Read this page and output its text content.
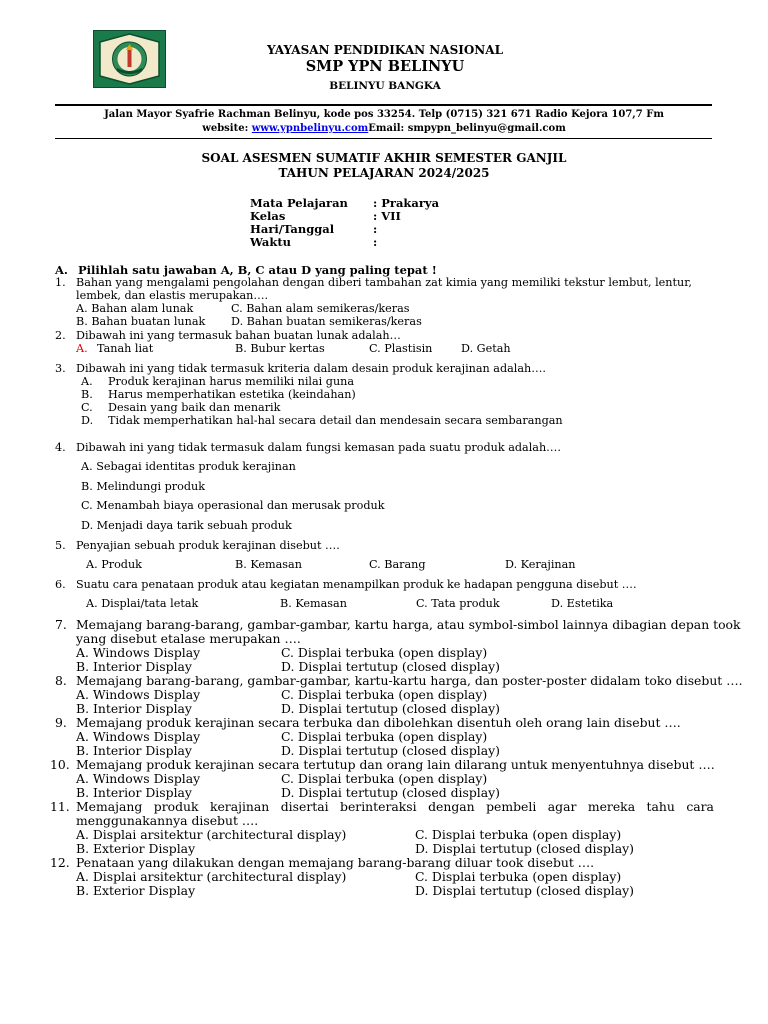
YAYASAN PENDIDIKAN NASIONAL
SMP YPN BELINYU
BELINYU BANGKA
Jalan Mayor Syafrie Rachman Belinyu, kode pos 33254. Telp (0715) 321 671 Radio Kejora 107,7 Fm
website: www.ypnbelinyu.comEmail: smpypn_belinyu@gmail.com
SOAL ASESMEN SUMATIF AKHIR SEMESTER GANJIL
TAHUN PELAJARAN 2024/2025
Mata Pelajaran : Prakarya
Kelas	: VII
Hari/Tanggal	:
Waktu	:
A. Pilihlah satu jawaban A, B, C atau D yang paling tepat !
1. Bahan yang mengalami pengolahan dengan diberi tambahan zat kimia yang memiliki tekstur lembut, lentur,
lembek, dan elastis merupakan….
A. Bahan alam lunak	C. Bahan alam semikeras/keras
B. Bahan buatan lunak D. Bahan buatan semikeras/keras
2. Dibawah ini yang termasuk bahan buatan lunak adalah…
A. Tanah liat	B. Bubur kertas	C. Plastisin	D. Getah
3. Dibawah ini yang tidak termasuk kriteria dalam desain produk kerajinan adalah….
A. Produk kerajinan harus memiliki nilai guna
B. Harus memperhatikan estetika (keindahan)
C. Desain yang baik dan menarik
D. Tidak memperhatikan hal-hal secara detail dan mendesain secara sembarangan
4. Dibawah ini yang tidak termasuk dalam fungsi kemasan pada suatu produk adalah….
A. Sebagai identitas produk kerajinan
B. Melindungi produk
C. Menambah biaya operasional dan merusak produk
D. Menjadi daya tarik sebuah produk
5. Penyajian sebuah produk kerajinan disebut ….
A. Produk	B. Kemasan	C. Barang	D. Kerajinan
6. Suatu cara penataan produk atau kegiatan menampilkan produk ke hadapan pengguna disebut ….
A. Displai/tata letak	B. Kemasan	C. Tata produk	D. Estetika
7. Memajang barang-barang, gambar-gambar, kartu harga, atau symbol-simbol lainnya dibagian depan took
yang disebut etalase merupakan ….
A. Windows Display	C. Displai terbuka (open display)
B. Interior Display	D. Displai tertutup (closed display)
8. Memajang barang-barang, gambar-gambar, kartu-kartu harga, dan poster-poster didalam toko disebut ….
A. Windows Display	C. Displai terbuka (open display)
B. Interior Display	D. Displai tertutup (closed display)
9. Memajang produk kerajinan secara terbuka dan dibolehkan disentuh oleh orang lain disebut ….
A. Windows Display	C. Displai terbuka (open display)
B. Interior Display	D. Displai tertutup (closed display)
10. Memajang produk kerajinan secara tertutup dan orang lain dilarang untuk menyentuhnya disebut ….
A. Windows Display	C. Displai terbuka (open display)
B. Interior Display	D. Displai tertutup (closed display)
11. Memajang produk kerajinan disertai berinteraksi dengan pembeli agar mereka tahu cara
menggunakannya disebut ….
A. Displai arsitektur (architectural display)	C. Displai terbuka (open display)
B. Exterior Display	D. Displai tertutup (closed display)
12. Penataan yang dilakukan dengan memajang barang-barang diluar took disebut ….
A. Displai arsitektur (architectural display)	C. Displai terbuka (open display)
B. Exterior Display	D. Displai tertutup (closed display)
